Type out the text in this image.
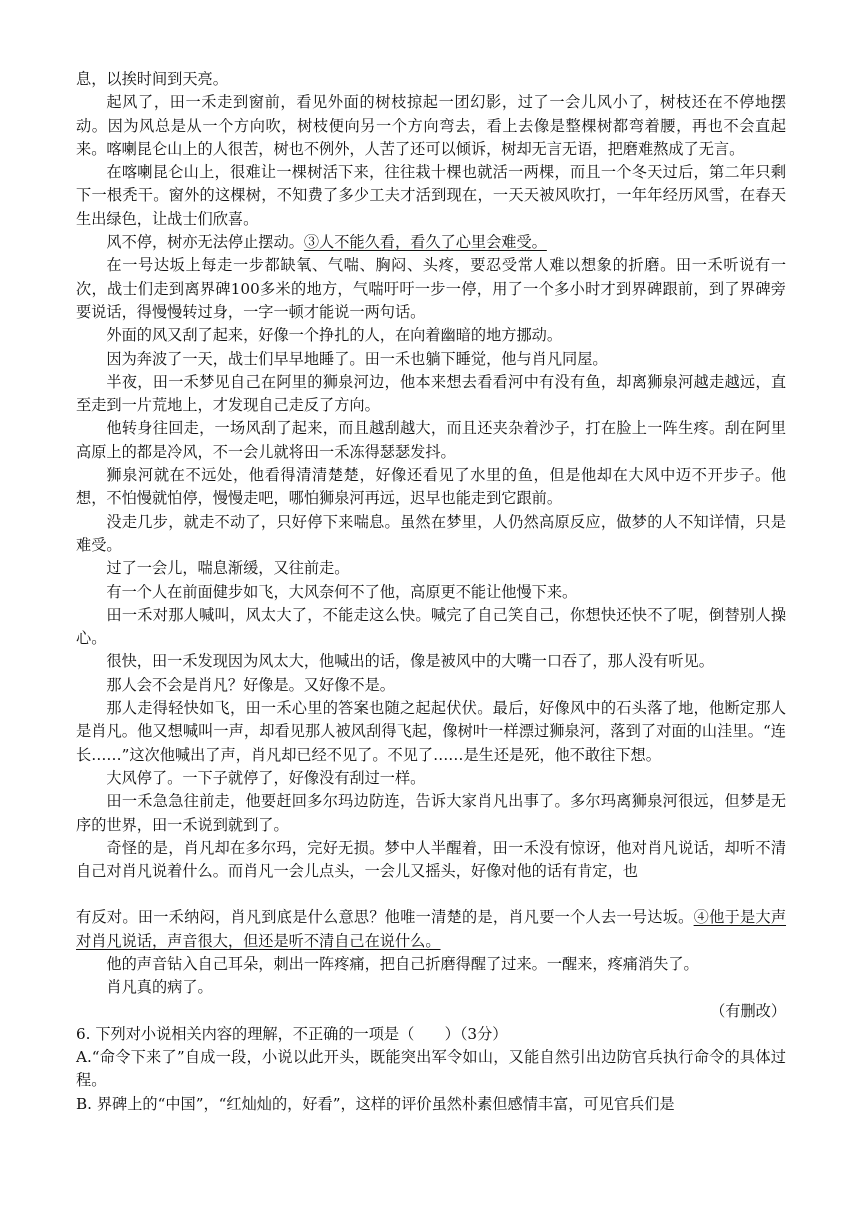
息，以挨时间到天亮。

起风了，田一禾走到窗前，看见外面的树枝掠起一团幻影，过了一会儿风小了，树枝还在不停地摆动。因为风总是从一个方向吹，树枝便向另一个方向弯去，看上去像是整棵树都弯着腰，再也不会直起来。喀喇昆仑山上的人很苦，树也不例外，人苦了还可以倾诉，树却无言无语，把磨难熬成了无言。

在喀喇昆仑山上，很难让一棵树活下来，往往栽十棵也就活一两棵，而且一个冬天过后，第二年只剩下一根秃干。窗外的这棵树，不知费了多少工夫才活到现在，一天天被风吹打，一年年经历风雪，在春天生出绿色，让战士们欣喜。

风不停，树亦无法停止摆动。③人不能久看，看久了心里会难受。

在一号达坂上每走一步都缺氧、气喘、胸闷、头疼，要忍受常人难以想象的折磨。田一禾听说有一次，战士们走到离界碑100多米的地方，气喘吁吁一步一停，用了一个多小时才到界碑跟前，到了界碑旁要说话，得慢慢转过身，一字一顿才能说一两句话。

外面的风又刮了起来，好像一个挣扎的人，在向着幽暗的地方挪动。

因为奔波了一天，战士们早早地睡了。田一禾也躺下睡觉，他与肖凡同屋。

半夜，田一禾梦见自己在阿里的狮泉河边，他本来想去看看河中有没有鱼，却离狮泉河越走越远，直至走到一片荒地上，才发现自己走反了方向。

他转身往回走，一场风刮了起来，而且越刮越大，而且还夹杂着沙子，打在脸上一阵生疼。刮在阿里高原上的都是冷风，不一会儿就将田一禾冻得瑟瑟发抖。

狮泉河就在不远处，他看得清清楚楚，好像还看见了水里的鱼，但是他却在大风中迈不开步子。他想，不怕慢就怕停，慢慢走吧，哪怕狮泉河再远，迟早也能走到它跟前。

没走几步，就走不动了，只好停下来喘息。虽然在梦里，人仍然高原反应，做梦的人不知详情，只是难受。

过了一会儿，喘息渐缓，又往前走。

有一个人在前面健步如飞，大风奈何不了他，高原更不能让他慢下来。

田一禾对那人喊叫，风太大了，不能走这么快。喊完了自己笑自己，你想快还快不了呢，倒替别人操心。

很快，田一禾发现因为风太大，他喊出的话，像是被风中的大嘴一口吞了，那人没有听见。

那人会不会是肖凡？好像是。又好像不是。

那人走得轻快如飞，田一禾心里的答案也随之起起伏伏。最后，好像风中的石头落了地，他断定那人是肖凡。他又想喊叫一声，却看见那人被风刮得飞起，像树叶一样漂过狮泉河，落到了对面的山洼里。“连长……”这次他喊出了声，肖凡却已经不见了。不见了……是生还是死，他不敢往下想。

大风停了。一下子就停了，好像没有刮过一样。

田一禾急急往前走，他要赶回多尔玛边防连，告诉大家肖凡出事了。多尔玛离狮泉河很远，但梦是无序的世界，田一禾说到就到了。

奇怪的是，肖凡却在多尔玛，完好无损。梦中人半醒着，田一禾没有惊讶，他对肖凡说话，却听不清自己对肖凡说着什么。而肖凡一会儿点头，一会儿又摇头，好像对他的话有肯定，也

有反对。田一禾纳闷，肖凡到底是什么意思？他唯一清楚的是，肖凡要一个人去一号达坂。④他于是大声对肖凡说话，声音很大，但还是听不清自己在说什么。

他的声音钻入自己耳朵，刺出一阵疼痛，把自己折磨得醒了过来。一醒来，疼痛消失了。

肖凡真的病了。

（有删改）

6. 下列对小说相关内容的理解，不正确的一项是（　　）（3分）

A.“命令下来了”自成一段，小说以此开头，既能突出军令如山，又能自然引出边防官兵执行命令的具体过程。

B. 界碑上的“中国”，“红灿灿的，好看”，这样的评价虽然朴素但感情丰富，可见官兵们是
